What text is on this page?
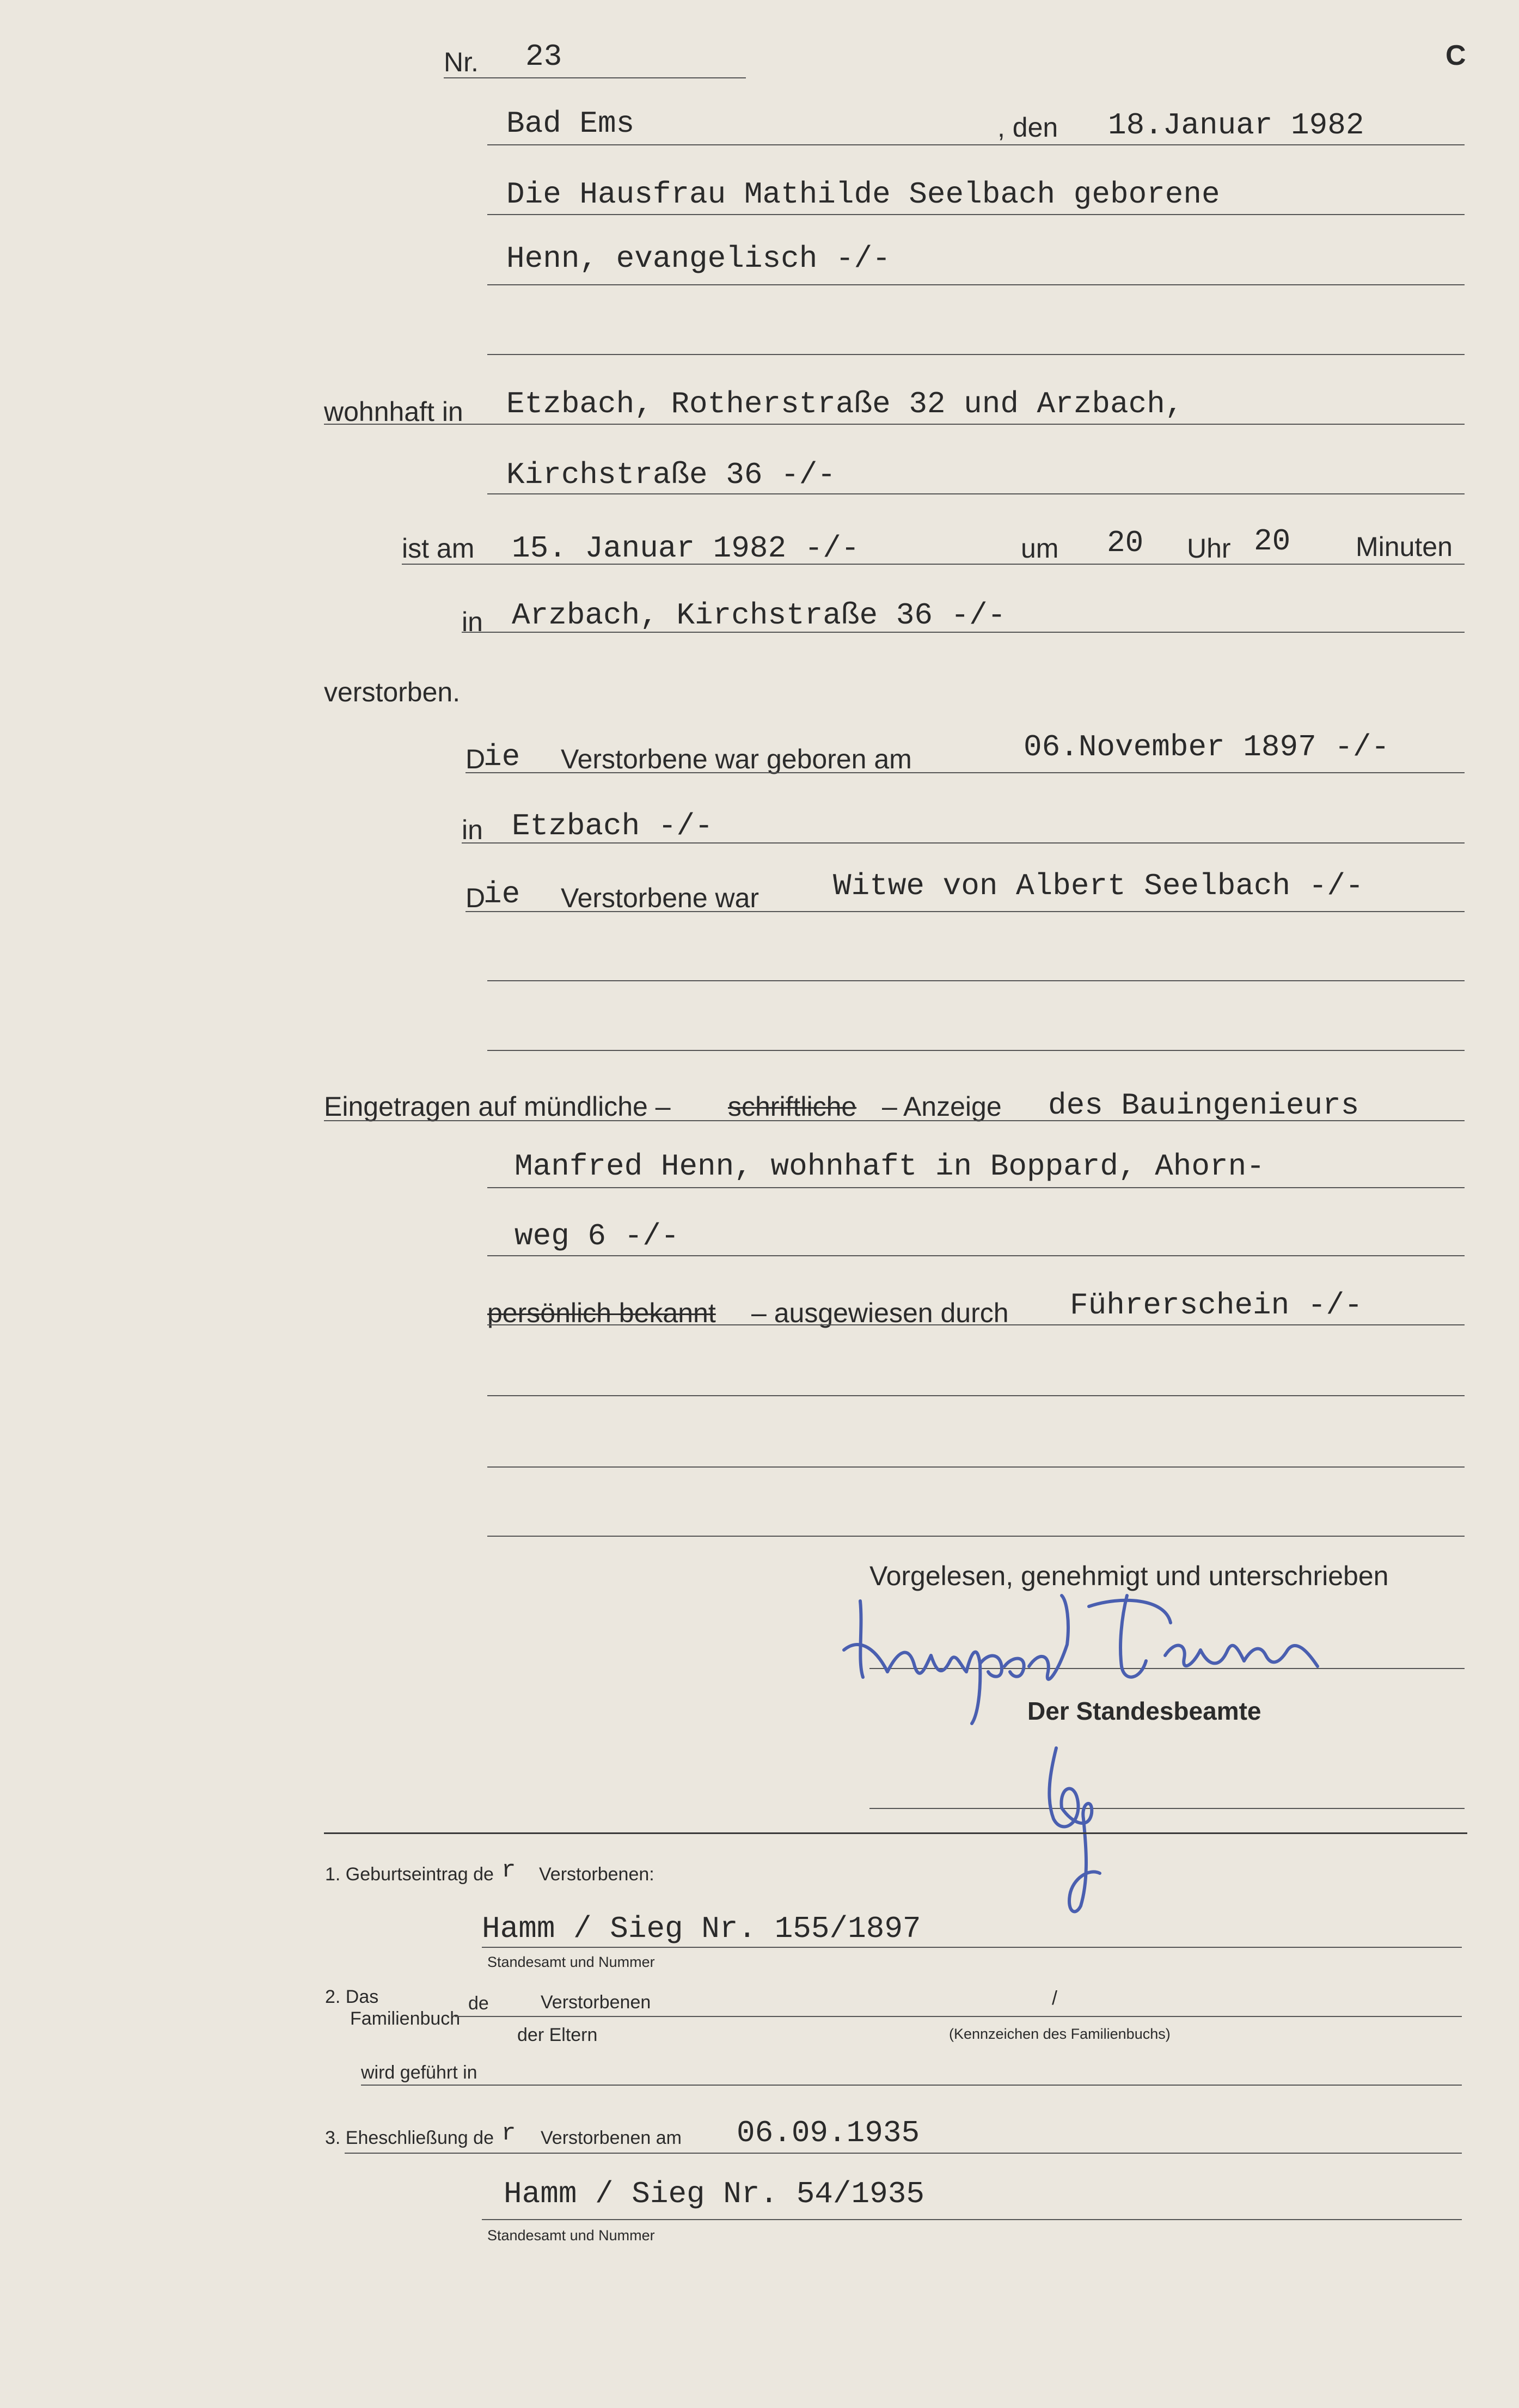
Nr. 23	C
Bad Ems	, den 18.Januar 1982
Die Hausfrau Mathilde Seelbach geborene
Henn, evangelisch -/-
wohnhaft in Etzbach, Rotherstraße 32 und Arzbach,
Kirchstraße 36 -/-
ist am 15. Januar 1982 -/-	um 20 Uhr 20 Minuten
in Arzbach, Kirchstraße 36 -/-
verstorben.
D
ie Verstorbene war geboren am	06.November 1897 -/-
in Etzbach -/-
D
ie Verstorbene war Witwe von Albert Seelbach -/-
Eingetragen auf mündliche – schriftliche – Anzeige des Bauingenieurs
Manfred Henn, wohnhaft in Boppard, Ahorn-
weg 6 -/-
persönlich bekannt – ausgewiesen durch Führerschein -/-
Vorgelesen, genehmigt und unterschrieben
Der Standesbeamte
1. Geburtseintrag de r Verstorbenen:
Hamm / Sieg Nr. 155/1897
Standesamt und Nummer
2. Das
Familienbuch
de	Verstorbenen	/
der Eltern	(Kennzeichen des Familienbuchs)
wird geführt in
3. Eheschließung de r Verstorbenen am 06.09.1935
Hamm / Sieg Nr. 54/1935
Standesamt und Nummer
